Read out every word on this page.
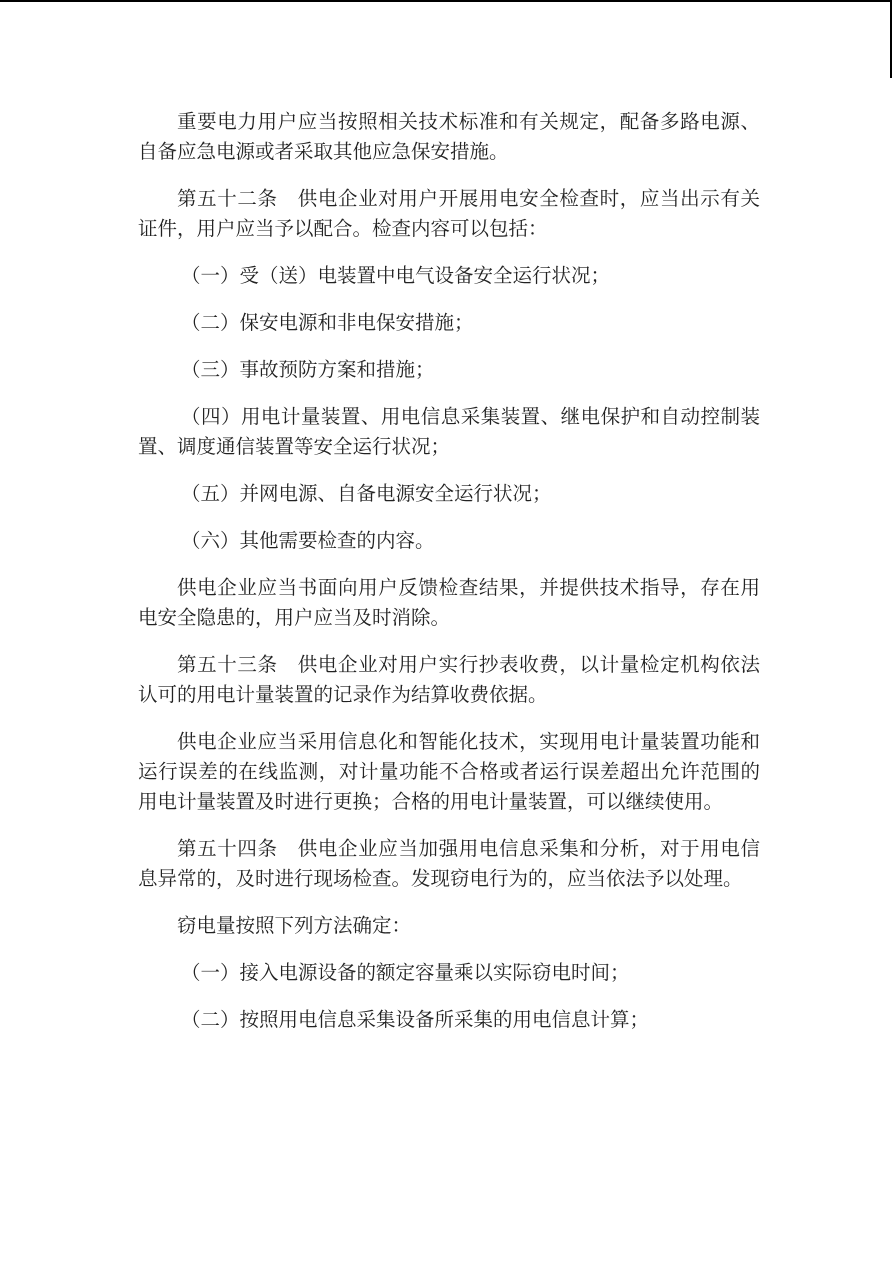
重要电力用户应当按照相关技术标准和有关规定，配备多路电源、自备应急电源或者采取其他应急保安措施。

第五十二条　供电企业对用户开展用电安全检查时，应当出示有关证件，用户应当予以配合。检查内容可以包括：

（一）受（送）电装置中电气设备安全运行状况；

（二）保安电源和非电保安措施；

（三）事故预防方案和措施；

（四）用电计量装置、用电信息采集装置、继电保护和自动控制装置、调度通信装置等安全运行状况；

（五）并网电源、自备电源安全运行状况；

（六）其他需要检查的内容。

供电企业应当书面向用户反馈检查结果，并提供技术指导，存在用电安全隐患的，用户应当及时消除。

第五十三条　供电企业对用户实行抄表收费，以计量检定机构依法认可的用电计量装置的记录作为结算收费依据。

供电企业应当采用信息化和智能化技术，实现用电计量装置功能和运行误差的在线监测，对计量功能不合格或者运行误差超出允许范围的用电计量装置及时进行更换；合格的用电计量装置，可以继续使用。

第五十四条　供电企业应当加强用电信息采集和分析，对于用电信息异常的，及时进行现场检查。发现窃电行为的，应当依法予以处理。

窃电量按照下列方法确定：

（一）接入电源设备的额定容量乘以实际窃电时间；

（二）按照用电信息采集设备所采集的用电信息计算；
